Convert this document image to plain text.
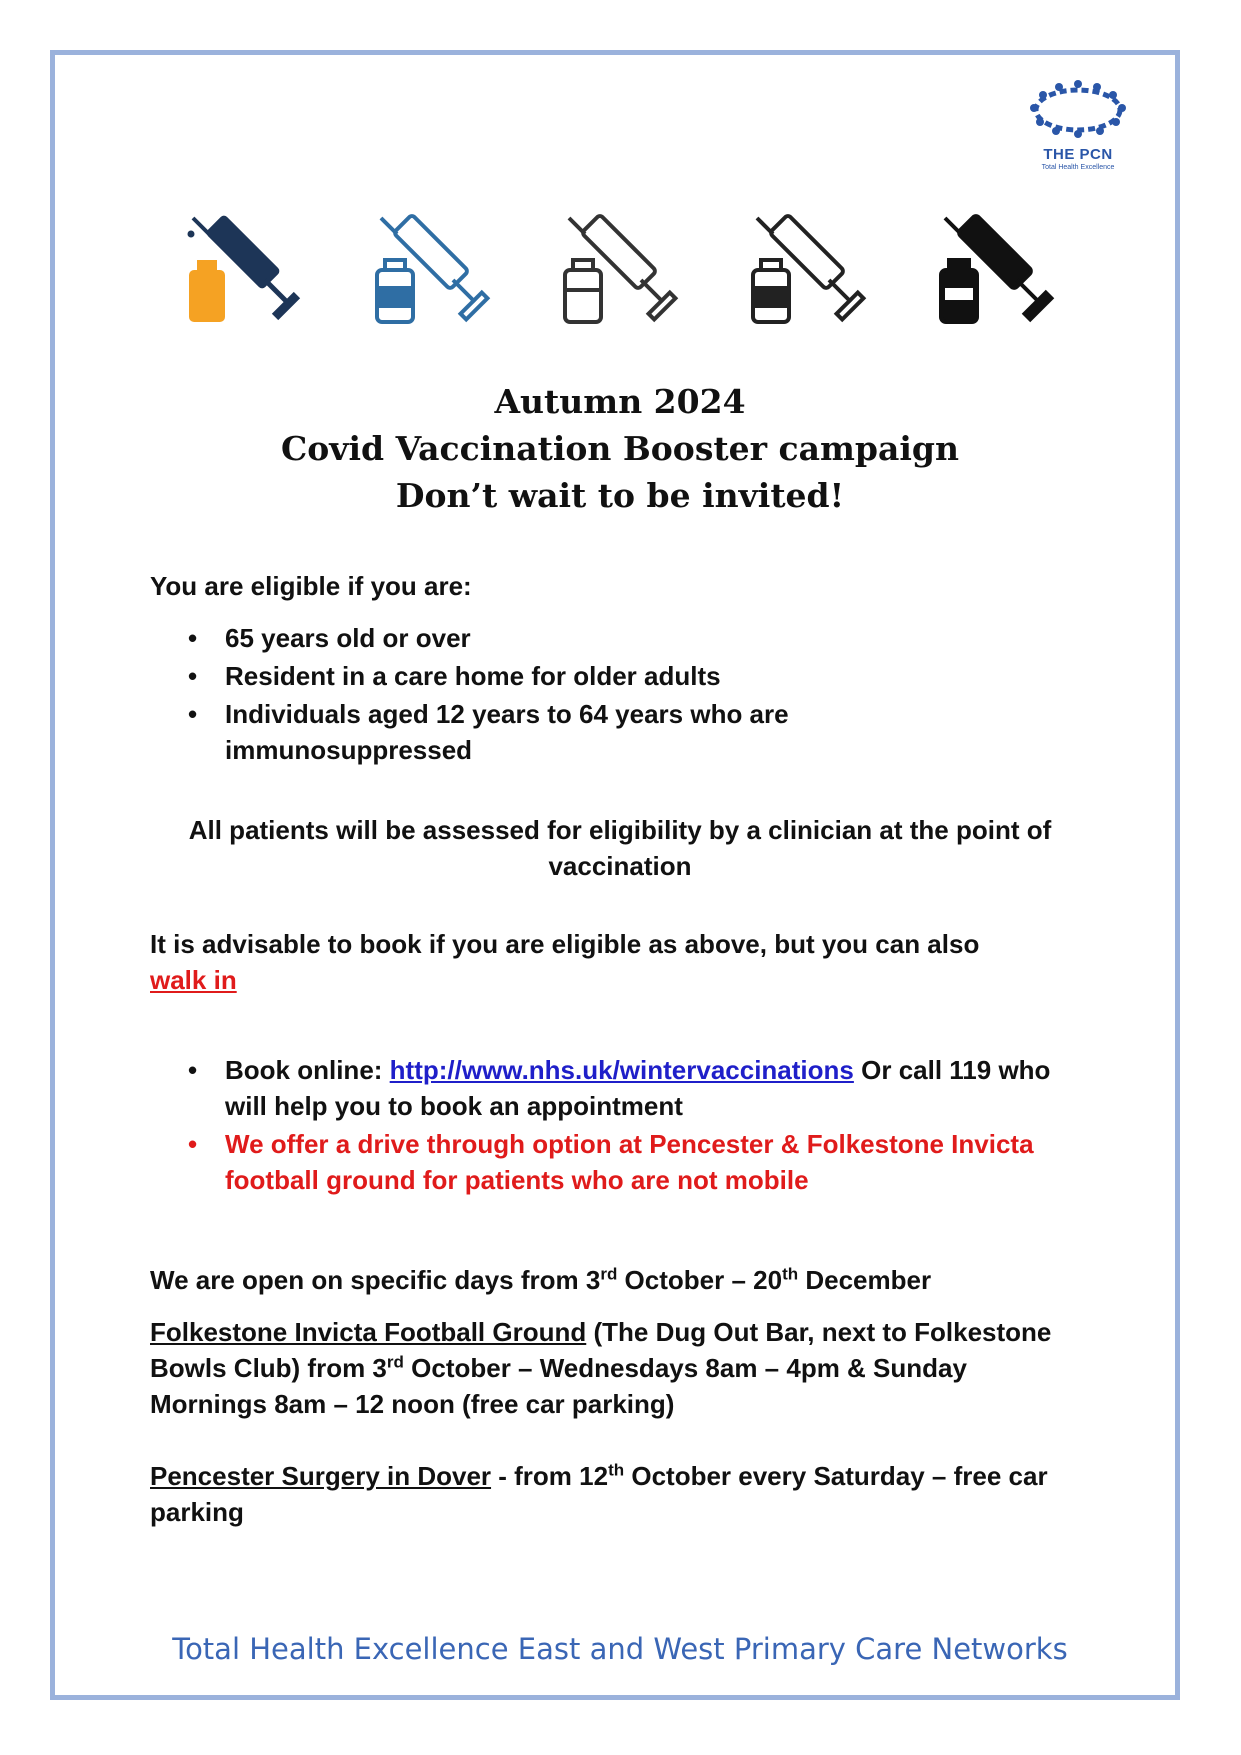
THE PCN
Total Health Excellence
Autumn 2024
Covid Vaccination Booster campaign
Don’t wait to be invited!
You are eligible if you are:
• 65 years old or over
• Resident in a care home for older adults
• Individuals aged 12 years to 64 years who are immunosuppressed
All patients will be assessed for eligibility by a clinician at the point of vaccination
It is advisable to book if you are eligible as above, but you can also
walk in
• Book online: http://www.nhs.uk/wintervaccinations Or call 119 who will help you to book an appointment
• We offer a drive through option at Pencester & Folkestone Invicta football ground for patients who are not mobile
We are open on specific days from 3rd October – 20th December
Folkestone Invicta Football Ground (The Dug Out Bar, next to Folkestone Bowls Club) from 3rd October – Wednesdays 8am – 4pm & Sunday Mornings 8am – 12 noon (free car parking)
Pencester Surgery in Dover - from 12th October every Saturday – free car parking
Total Health Excellence East and West Primary Care Networks
